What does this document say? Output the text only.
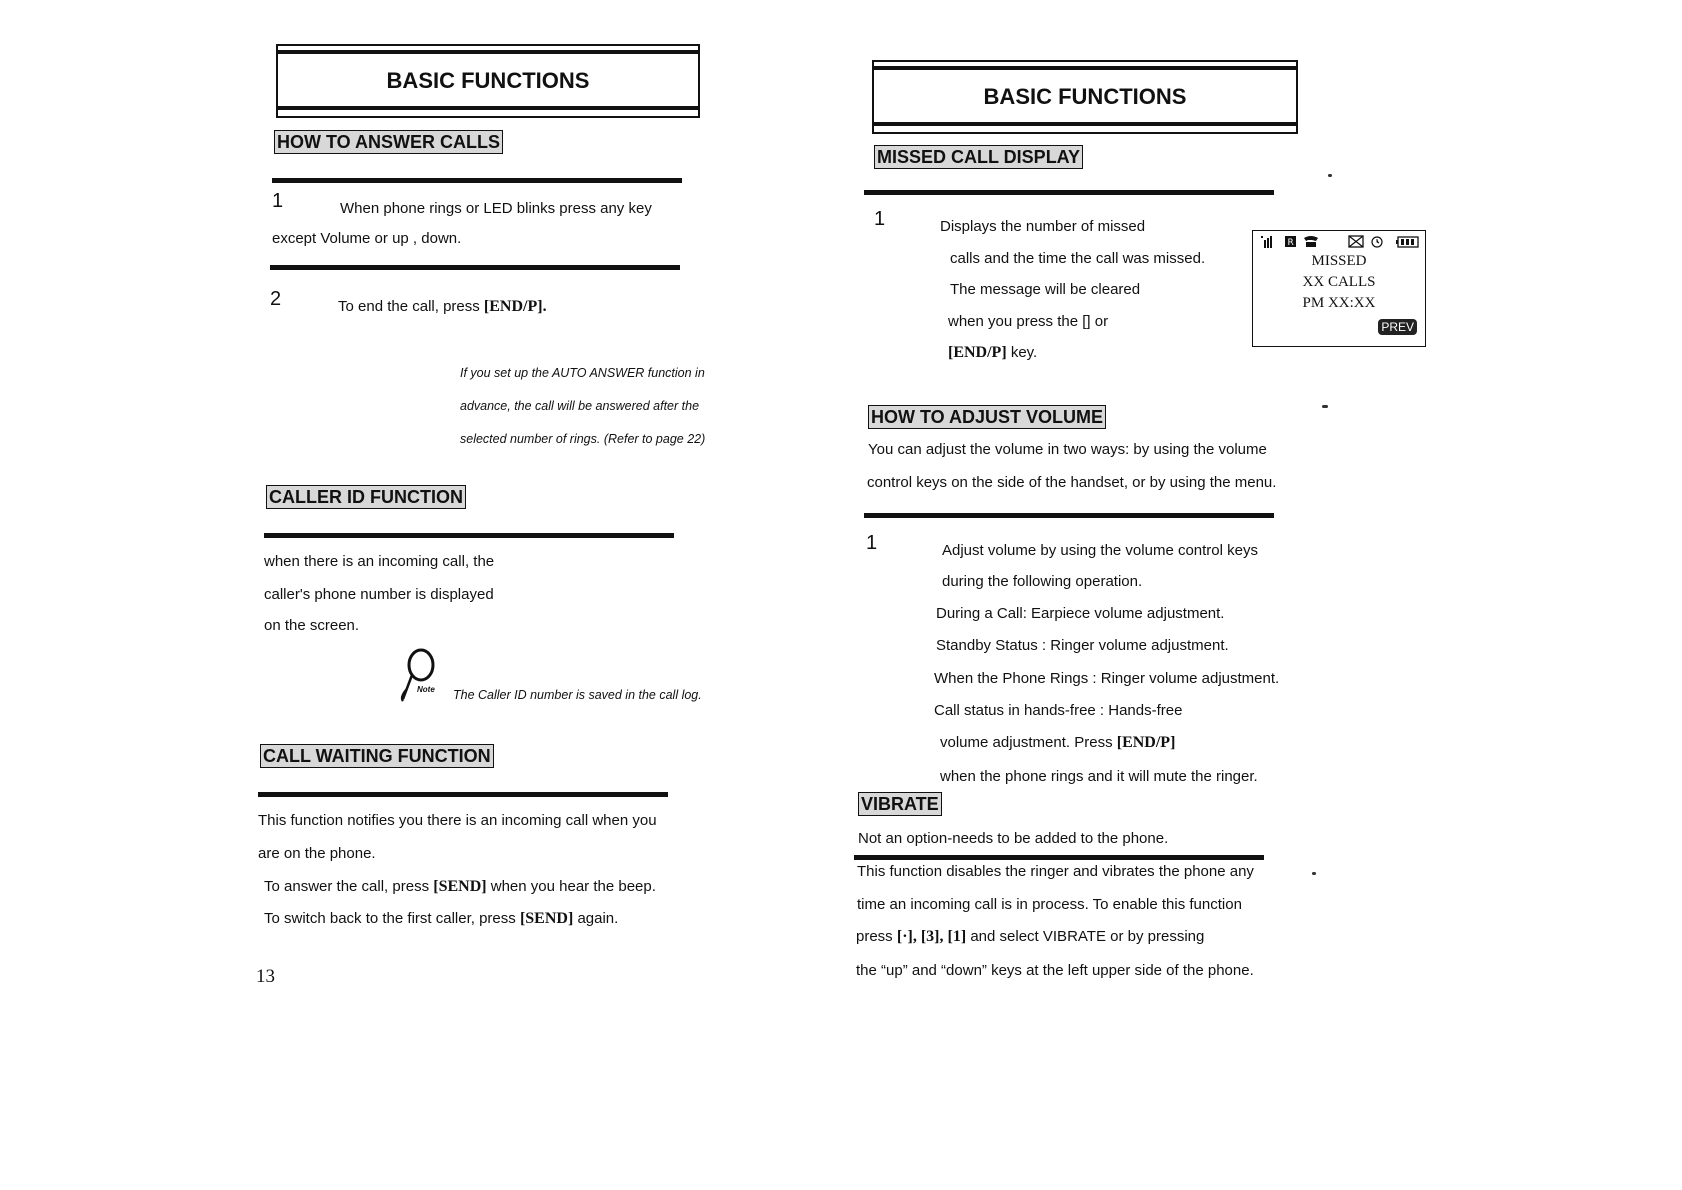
BASIC FUNCTIONS
HOW TO ANSWER CALLS
1	When phone rings or LED blinks press any key
except Volume or up , down.
2	To end the call, press [END/P].
If you set up the AUTO ANSWER function in
advance, the call will be answered after the
selected number of rings. (Refer to page 22)
CALLER ID FUNCTION
when there is an incoming call, the
caller's phone number is displayed
on the screen.
Note The Caller ID number is saved in the call log.
CALL WAITING FUNCTION
This function notifies you there is an incoming call when you
are on the phone.
To answer the call, press [SEND] when you hear the beep.
To switch back to the first caller, press [SEND] again.
13
BASIC FUNCTIONS
MISSED CALL DISPLAY
1	Displays the number of missed
calls and the time the call was missed.
The message will be cleared
when you press the [] or
[END/P] key.
R
MISSED
XX CALLS
PM XX:XX
PREV
HOW TO ADJUST VOLUME
You can adjust the volume in two ways: by using the volume
control keys on the side of the handset, or by using the menu.
1	Adjust volume by using the volume control keys
during the following operation.
During a Call: Earpiece volume adjustment.
Standby Status : Ringer volume adjustment.
When the Phone Rings : Ringer volume adjustment.
Call status in hands-free : Hands-free
volume adjustment. Press [END/P]
when the phone rings and it will mute the ringer.
VIBRATE
Not an option-needs to be added to the phone.
This function disables the ringer and vibrates the phone any
time an incoming call is in process. To enable this function
press [·], [3], [1] and select VIBRATE or by pressing
the “up” and “down” keys at the left upper side of the phone.
